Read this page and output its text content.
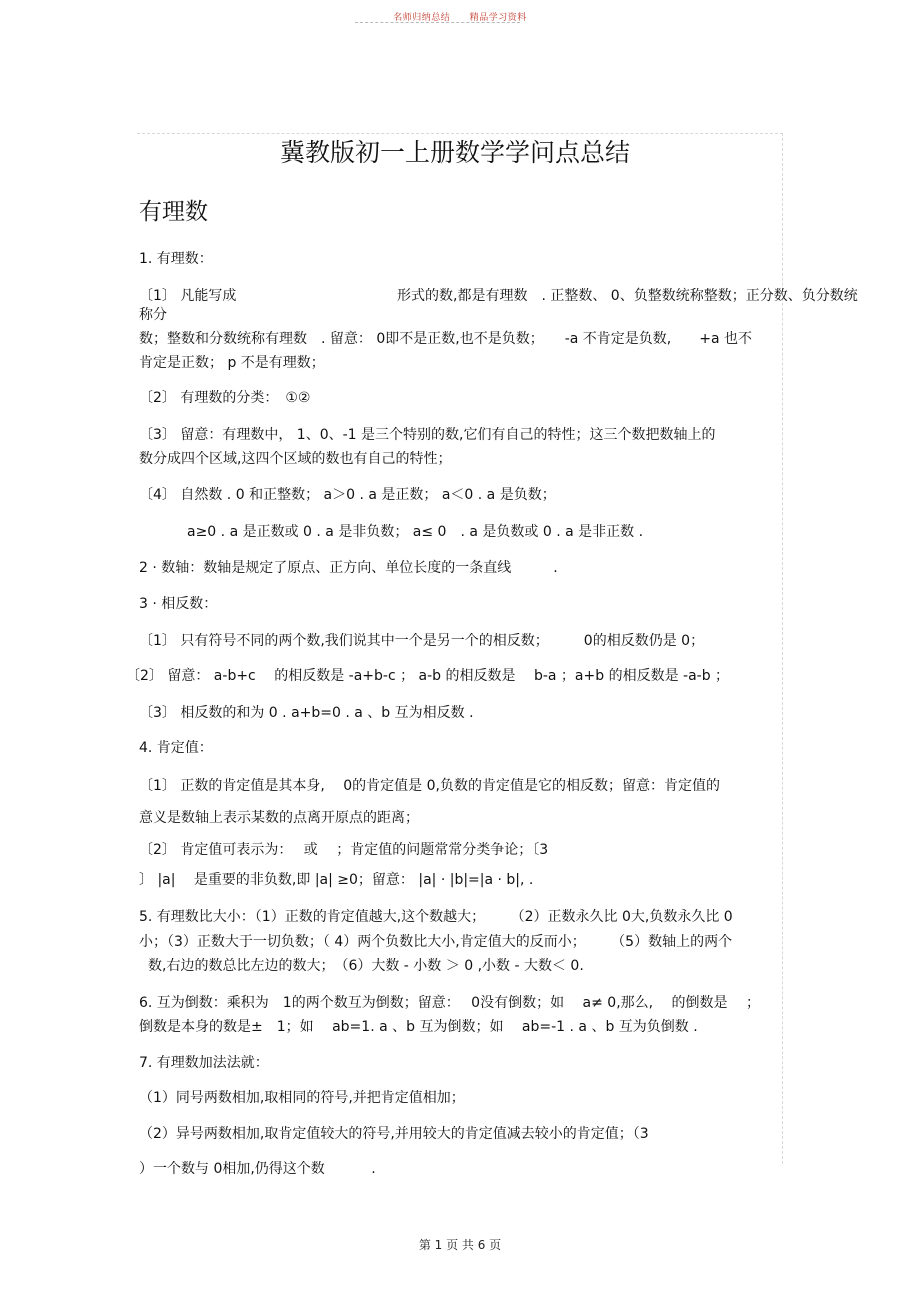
名师归纳总结 精品学习资料
冀教版初一上册数学学问点总结
有理数
1. 有理数：
〔1〕 凡能写成	形式的数,都是有理数　. 正整数、 0、负整数统称整数；正分数、负分数统
称分
数；整数和分数统称有理数　. 留意： 0即不是正数,也不是负数；　　-a 不肯定是负数,　　+a 也不
肯定是正数； p 不是有理数；
〔2〕 有理数的分类：　①②
〔3〕 留意：有理数中， 1、0、-1 是三个特别的数,它们有自己的特性；这三个数把数轴上的
数分成四个区域,这四个区域的数也有自己的特性；
〔4〕 自然数 . 0 和正整数； a＞0 . a 是正数； a＜0 . a 是负数；
a≥0 . a 是正数或 0 . a 是非负数； a≤ 0　. a 是负数或 0 . a 是非正数 .
2 · 数轴：数轴是规定了原点、正方向、单位长度的一条直线　　　.
3 · 相反数：
〔1〕 只有符号不同的两个数,我们说其中一个是另一个的相反数；　　　0的相反数仍是 0；
〔2〕 留意： a-b+c　 的相反数是 -a+b-c ； a-b 的相反数是　 b-a ；a+b 的相反数是 -a-b ；
〔3〕 相反数的和为 0 . a+b=0 . a 、b 互为相反数 .
4. 肯定值：
〔1〕 正数的肯定值是其本身,　 0的肯定值是 0,负数的肯定值是它的相反数；留意：肯定值的
意义是数轴上表示某数的点离开原点的距离；
〔2〕 肯定值可表示为：　 或　 ；肯定值的问题常常分类争论；〔3
〕 |a|　 是重要的非负数,即 |a| ≥0；留意： |a| · |b|=|a · b|, .
5. 有理数比大小：（1）正数的肯定值越大,这个数越大；　　 （2）正数永久比 0大,负数永久比 0
小；（3）正数大于一切负数；（ 4）两个负数比大小,肯定值大的反而小；　　 （5）数轴上的两个
数,右边的数总比左边的数大；　（6）大数 - 小数 ＞ 0 ,小数 - 大数＜ 0.
6. 互为倒数：乘积为　1的两个数互为倒数；留意：　 0没有倒数；如　 a≠ 0,那么,　 的倒数是　 ；
倒数是本身的数是±　1；如　 ab=1. a 、b 互为倒数；如　 ab=-1 . a 、b 互为负倒数 .
7. 有理数加法法就：
（1）同号两数相加,取相同的符号,并把肯定值相加；
（2）异号两数相加,取肯定值较大的符号,并用较大的肯定值减去较小的肯定值；（3
）一个数与 0相加,仍得这个数　　　 .
第 1 页 共 6 页
